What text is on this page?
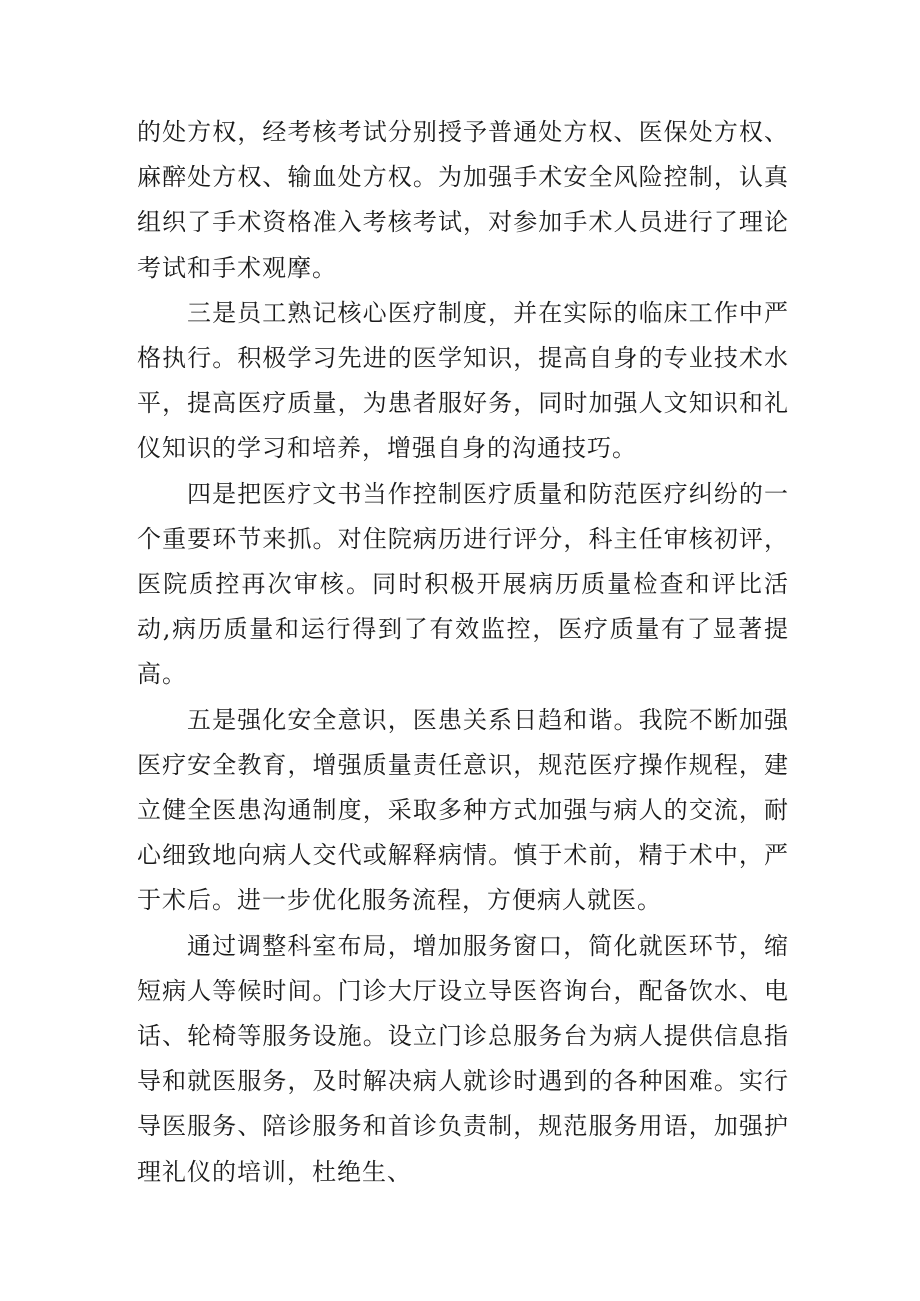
的处方权，经考核考试分别授予普通处方权、医保处方权、麻醉处方权、输血处方权。为加强手术安全风险控制，认真组织了手术资格准入考核考试，对参加手术人员进行了理论考试和手术观摩。

三是员工熟记核心医疗制度，并在实际的临床工作中严格执行。积极学习先进的医学知识，提高自身的专业技术水平，提高医疗质量，为患者服好务，同时加强人文知识和礼仪知识的学习和培养，增强自身的沟通技巧。

四是把医疗文书当作控制医疗质量和防范医疗纠纷的一个重要环节来抓。对住院病历进行评分，科主任审核初评，医院质控再次审核。同时积极开展病历质量检查和评比活动,病历质量和运行得到了有效监控，医疗质量有了显著提高。

五是强化安全意识，医患关系日趋和谐。我院不断加强医疗安全教育，增强质量责任意识，规范医疗操作规程，建立健全医患沟通制度，采取多种方式加强与病人的交流，耐心细致地向病人交代或解释病情。慎于术前，精于术中，严于术后。进一步优化服务流程，方便病人就医。

通过调整科室布局，增加服务窗口，简化就医环节，缩短病人等候时间。门诊大厅设立导医咨询台，配备饮水、电话、轮椅等服务设施。设立门诊总服务台为病人提供信息指导和就医服务，及时解决病人就诊时遇到的各种困难。实行导医服务、陪诊服务和首诊负责制，规范服务用语，加强护理礼仪的培训，杜绝生、
